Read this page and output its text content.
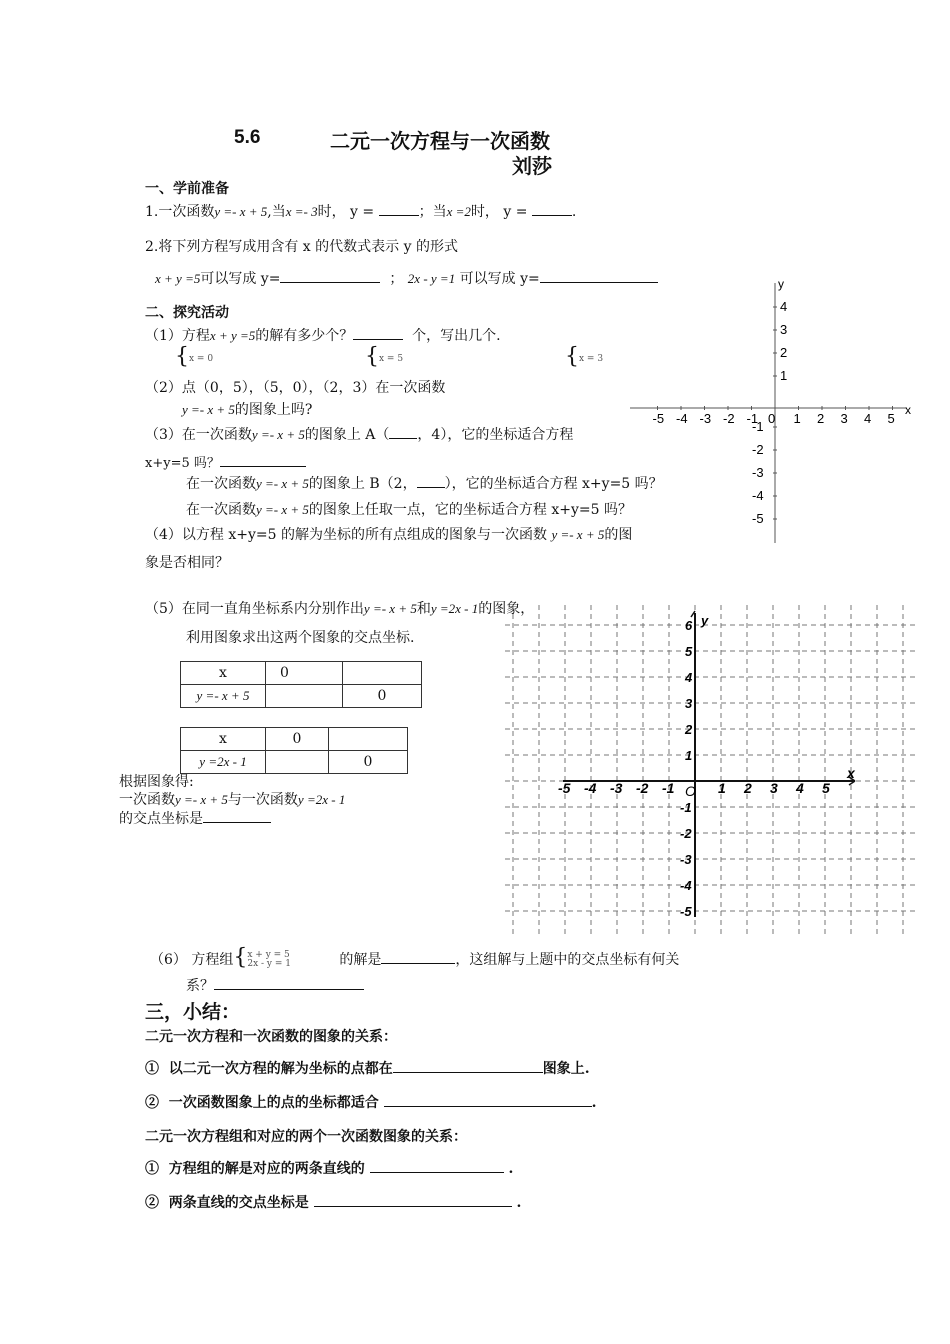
5.6	二元一次方程与一次函数
刘莎
一、学前准备
1.一次函数y =- x + 5,当x =- 3时， y =	；当x =2时， y =	.
2.将下列方程写成用含有 x 的代数式表示 y 的形式
x + y =5可以写成 y=	； 2x - y =1 可以写成 y=
二、探究活动
（1）方程x + y =5的解有多少个？	个，写出几个.
{x = 0	{x = 5	{x = 3
（2）点（0，5），（5，0），（2，3）在一次函数
y =- x + 5的图象上吗?
（3）在一次函数y =- x + 5的图象上 A（ ，4），它的坐标适合方程
x+y=5 吗？
在一次函数y =- x + 5的图象上 B（2， ），它的坐标适合方程 x+y=5 吗？
在一次函数y =- x + 5的图象上任取一点，它的坐标适合方程 x+y=5 吗？
（4）以方程 x+y=5 的解为坐标的所有点组成的图象与一次函数 y =- x + 5的图
象是否相同？
-5 -4 -3 -2 -1 0 1 2 3 4 5
4
3
2
1
-1
-2
-3
-4
-5
x
y
（5）在同一直角坐标系内分别作出y =- x + 5和y =2x - 1的图象，
利用图象求出这两个图象的交点坐标.
x	0	
y =- x + 5		0
x	0	
y =2x - 1		0
根据图象得:
一次函数y =- x + 5与一次函数y =2x - 1
的交点坐标是
-5 -4 -3 -2 -1	1 2 3 4 5
6
5
4
3
2
1
-1
-2
-3
-4
-5
O
x
y
（6） 方程组{x + y = 5
2x - y = 1	的解是	，这组解与上题中的交点坐标有何关
系？
三，小结：
二元一次方程和一次函数的图象的关系：
① 以二元一次方程的解为坐标的点都在	图象上.
② 一次函数图象上的点的坐标都适合	.
二元一次方程组和对应的两个一次函数图象的关系：
① 方程组的解是对应的两条直线的	.
② 两条直线的交点坐标是	.
